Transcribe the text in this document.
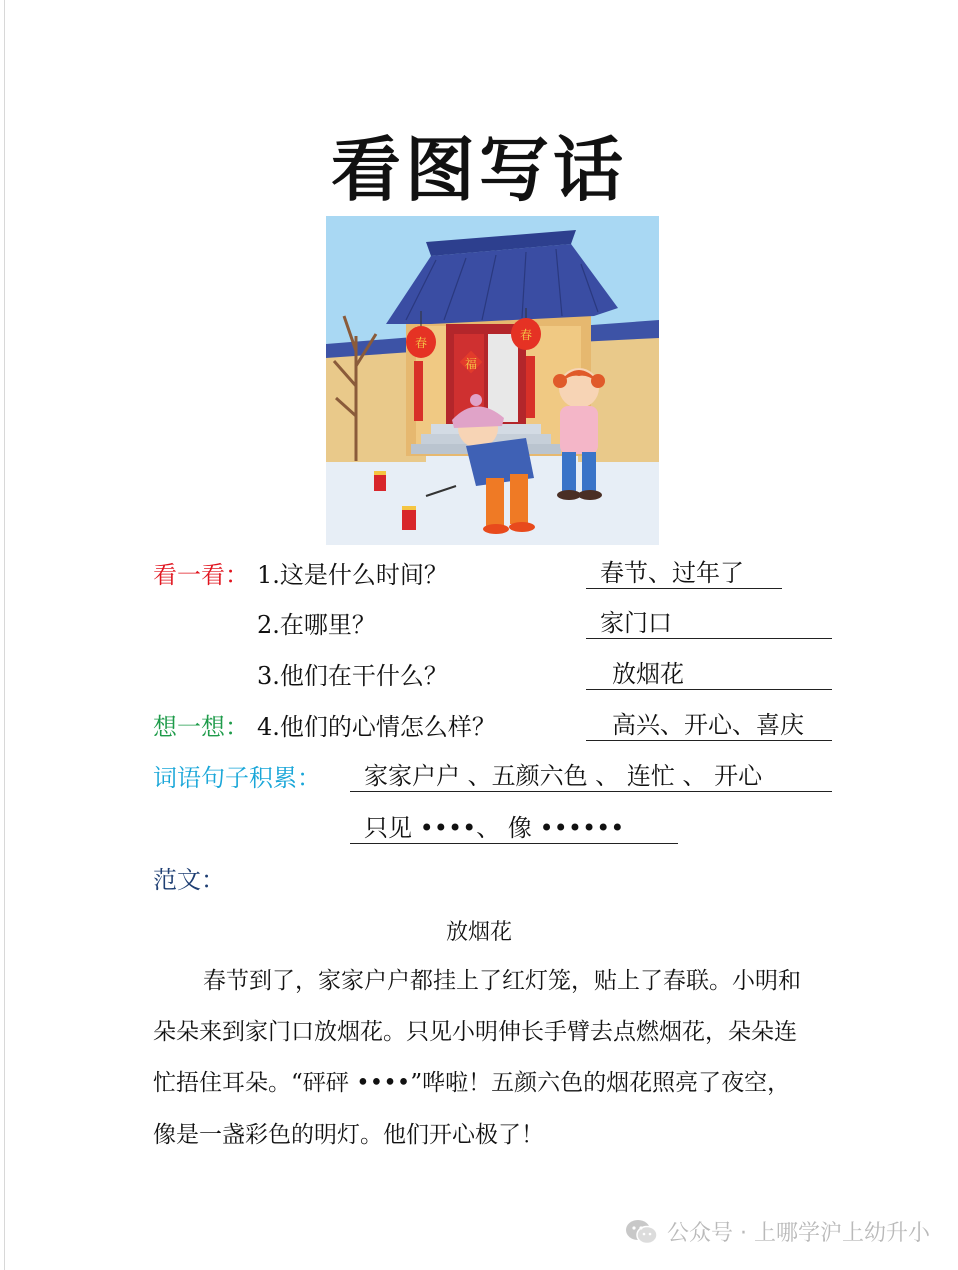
看图写话
福
春
春
看一看： 1.这是什么时间？	春节、过年了
2.在哪里？	家门口
3.他们在干什么？	放烟花
想一想： 4.他们的心情怎么样？	高兴、开心、喜庆
词语句子积累：	家家户户 、五颜六色 、 连忙 、 开心
只见 ••••、 像 ••••••
范文：
放烟花
春节到了，家家户户都挂上了红灯笼，贴上了春联。小明和
朵朵来到家门口放烟花。只见小明伸长手臂去点燃烟花，朵朵连
忙捂住耳朵。“砰砰 ••••”哗啦！五颜六色的烟花照亮了夜空，
像是一盏彩色的明灯。他们开心极了！
公众号 · 上哪学沪上幼升小
